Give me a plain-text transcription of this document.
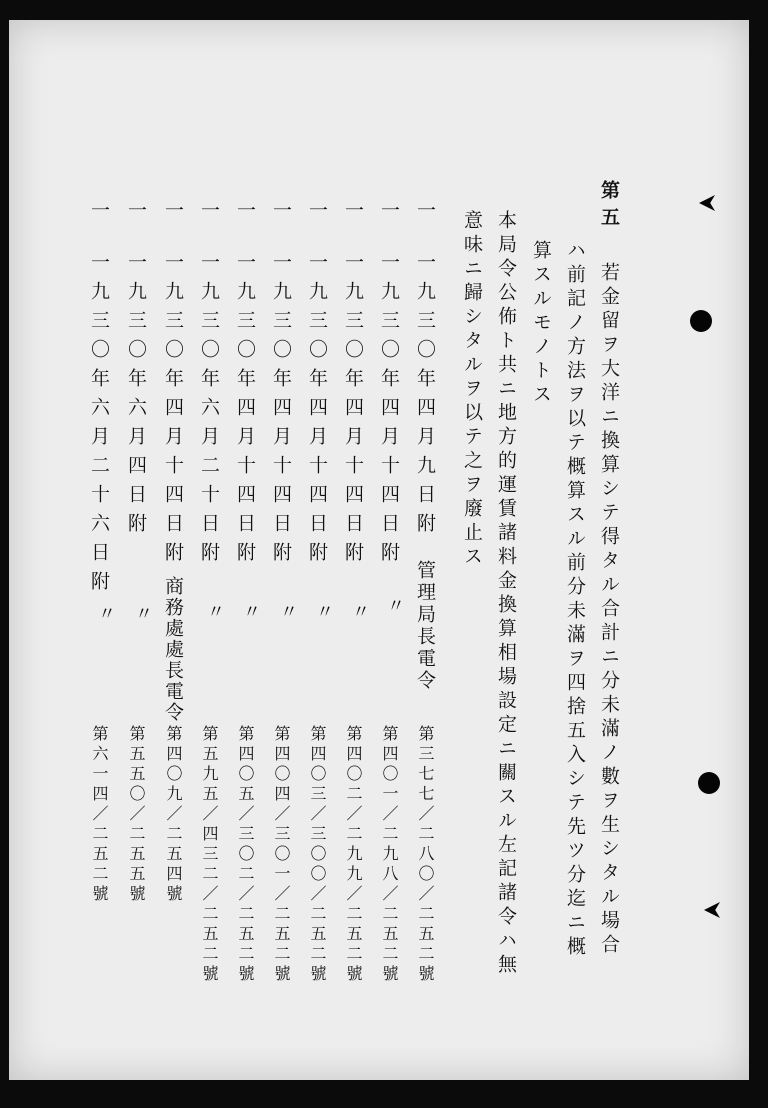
第五

若金留ヲ大洋ニ換算シテ得タル合計ニ分未滿ノ數ヲ生シタル場合

ハ前記ノ方法ヲ以テ概算スル前分未滿ヲ四捨五入シテ先ツ分迄ニ概

算スルモノトス

本局令公佈ト共ニ地方的運賃諸料金換算相場設定ニ關スル左記諸令ハ無

意味ニ歸シタルヲ以テ之ヲ廢止ス

一

一九三〇年四月九日附

管理局長電令

第三七七／二八〇／二五二號

一

一九三〇年四月十四日附

〃

第四〇一／二九八／二五二號

一

一九三〇年四月十四日附

〃

第四〇二／二九九／二五二號

一

一九三〇年四月十四日附

〃

第四〇三／三〇〇／二五二號

一

一九三〇年四月十四日附

〃

第四〇四／三〇一／二五二號

一

一九三〇年四月十四日附

〃

第四〇五／三〇二／二五二號

一

一九三〇年六月二十日附

〃

第五九五／四三二／二五二號

一

一九三〇年四月十四日附

商務處處長電令

第四〇九／二五四號

一

一九三〇年六月四日附

〃

第五五〇／二五五號

一

一九三〇年六月二十六日附

〃

第六一四／二五二號
